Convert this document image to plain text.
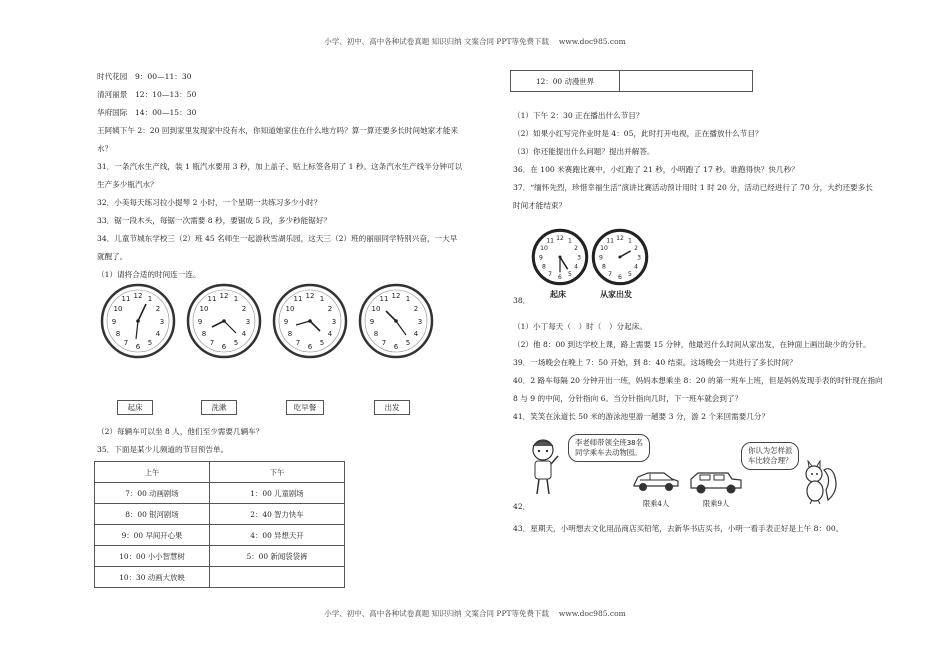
小学、初中、高中各种试卷真题 知识归纳 文案合同 PPT等免费下载　 www.doc985.com
时代花园　9：00—11：30
清河丽景　12：10—13：50
华府国际　14：00—15：30
王阿姨下午 2：20 回到家里发现家中没有水，你知道她家住在什么地方吗？算一算还要多长时间她家才能来
水？
31．一条汽水生产线，装 1 瓶汽水要用 3 秒，加上盖子、贴上标签各用了 1 秒。这条汽水生产线半分钟可以
生产多少瓶汽水？
32．小美每天练习拉小提琴 2 小时，一个星期一共练习多少小时？
33．锯一段木头，每锯一次需要 8 秒，要锯成 5 段，多少秒能锯好？
34．儿童节城东学校三（2）班 45 名师生一起游秋雪湖乐园，这天三（2）班的丽丽同学特别兴奋，一大早
就醒了。
（1）请将合适的时间连一连。
12 1
2
3
4
5
6
7
8
9
10
11	12 1
2
3
4
5
6
7
8
9
10
11	12 1
2
3
4
5
6
7
8
9
10
11	12 1
2
3
4
5
6
7
8
9
10
11
起床	洗漱	吃早餐	出发
（2）每辆车可以坐 8 人，他们至少需要几辆车？
35．下面是某少儿频道的节目预告单。
上午	下午
7：00 动画剧场	1：00 儿童剧场
8：00 银河剧场	2：40 智力快车
9：00 早间开心果	4：00 异想天开
10：00 小小智慧树	5：00 新闻袋袋裤
10：30 动画大放映	
12：00 动漫世界	
（1）下午 2：30 正在播出什么节目？
（2）如果小红写完作业时是 4：05，此时打开电视，正在播放什么节目？
（3）你还能提出什么问题？提出并解答。
36．在 100 米赛跑比赛中，小红跑了 21 秒，小明跑了 17 秒。谁跑得快？快几秒？
37．“缅怀先烈，珍惜幸福生活”演讲比赛活动预计用时 1 时 20 分，活动已经进行了 70 分，大约还要多长
时间才能结束？
12 1
2
3
4
5
6
7
8
9
10
11	12 1
2
3
4
5
6
7
8
9
10
11
起床	从家出发
38．
（1）小丁每天（　）时（　）分起床。
（2）他 8：00 到达学校上课，路上需要 15 分钟，他最迟什么时间从家出发，在钟面上画出缺少的分针。
39．一场晚会在晚上 7：50 开始，到 8：40 结束。这场晚会一共进行了多长时间？
40．2 路车每隔 20 分钟开出一班，妈妈本想乘坐 8：20 的第一班车上班，但是妈妈发现手表的时针现在指向
8 与 9 的中间，分针指向 6。当分针指向几时，下一班车就会到了？
41．笑笑在泳道长 50 米的游泳池里游一趟要 3 分，游 2 个来回需要几分？
李老师带领全班38名
同学乘车去动物园。
限乘4人	限乘9人
你认为怎样派
车比较合理？
42．
43．星期天，小明想去文化用品商店买铅笔，去新华书店买书，小明一看手表正好是上午 8：00。
小学、初中、高中各种试卷真题 知识归纳 文案合同 PPT等免费下载　 www.doc985.com
